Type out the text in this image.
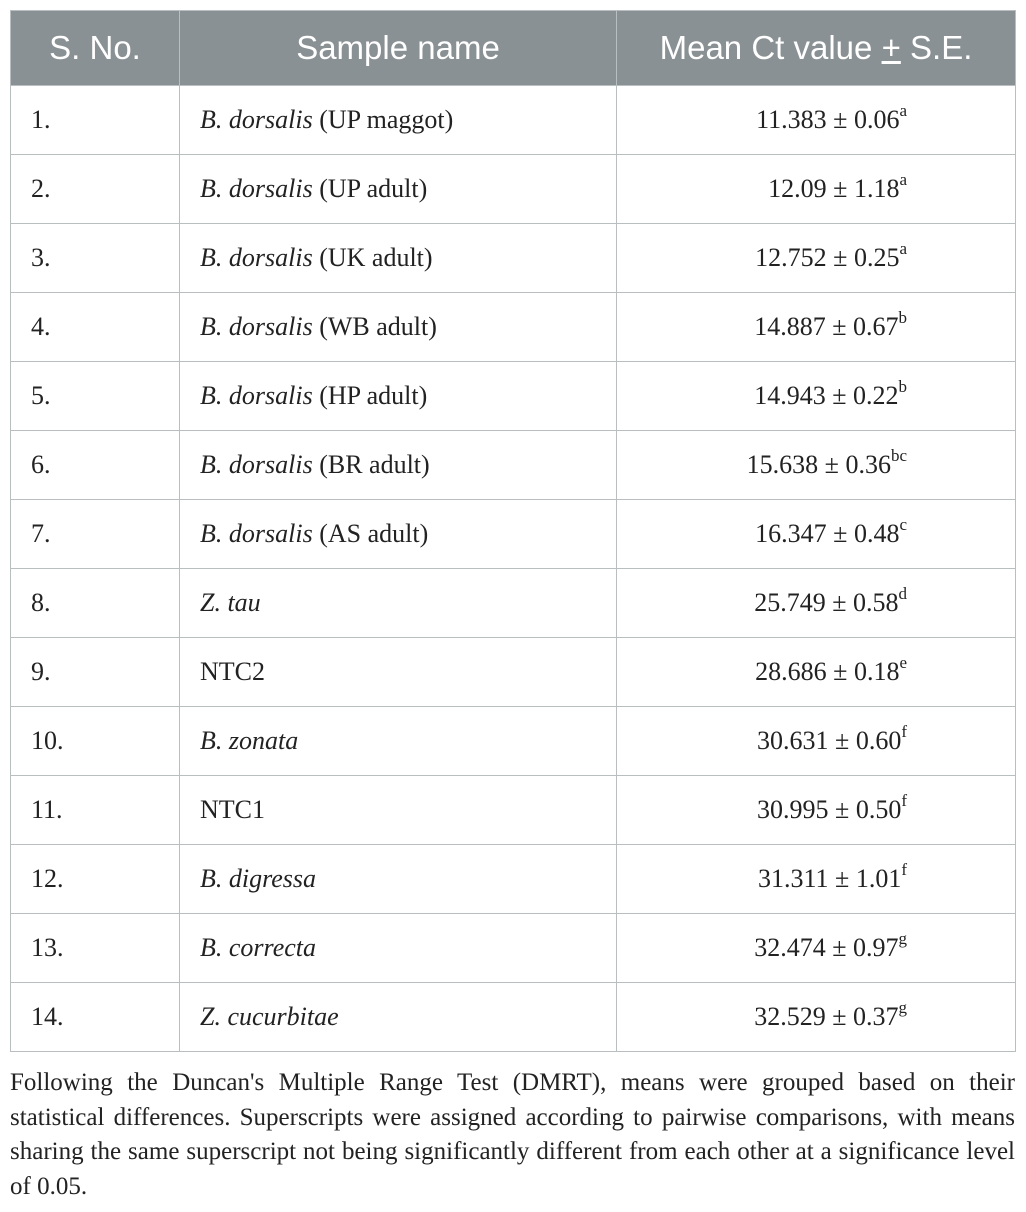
S. No.	Sample name	Mean Ct value + S.E.
1.	B. dorsalis (UP maggot)	11.383 ± 0.06$^a$
2.	B. dorsalis (UP adult)	12.09 ± 1.18$^a$
3.	B. dorsalis (UK adult)	12.752 ± 0.25$^a$
4.	B. dorsalis (WB adult)	14.887 ± 0.67$^b$
5.	B. dorsalis (HP adult)	14.943 ± 0.22$^b$
6.	B. dorsalis (BR adult)	15.638 ± 0.36$^{bc}$
7.	B. dorsalis (AS adult)	16.347 ± 0.48$^c$
8.	Z. tau	25.749 ± 0.58$^d$
9.	NTC2	28.686 ± 0.18$^e$
10.	B. zonata	30.631 ± 0.60$^f$
11.	NTC1	30.995 ± 0.50$^f$
12.	B. digressa	31.311 ± 1.01$^f$
13.	B. correcta	32.474 ± 0.97$^g$
14.	Z. cucurbitae	32.529 ± 0.37$^g$
Following the Duncan's Multiple Range Test (DMRT), means were grouped based on their statistical differences. Superscripts were assigned according to pairwise comparisons, with means sharing the same superscript not being significantly different from each other at a significance level of 0.05.
